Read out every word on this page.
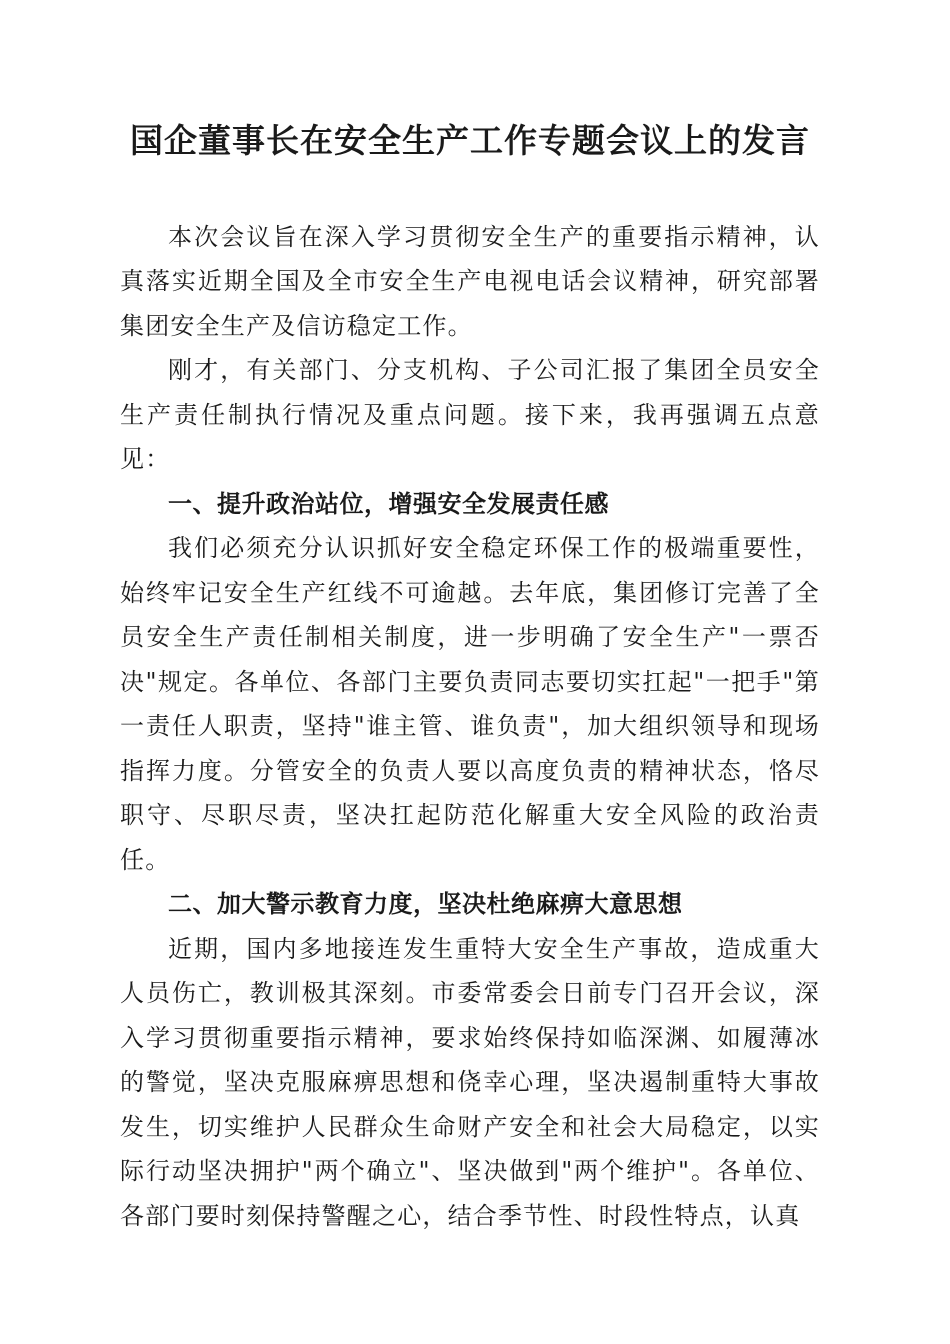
国企董事长在安全生产工作专题会议上的发言

本次会议旨在深入学习贯彻安全生产的重要指示精神，认真落实近期全国及全市安全生产电视电话会议精神，研究部署集团安全生产及信访稳定工作。

刚才，有关部门、分支机构、子公司汇报了集团全员安全生产责任制执行情况及重点问题。接下来，我再强调五点意见：

一、提升政治站位，增强安全发展责任感

我们必须充分认识抓好安全稳定环保工作的极端重要性，始终牢记安全生产红线不可逾越。去年底，集团修订完善了全员安全生产责任制相关制度，进一步明确了安全生产"一票否决"规定。各单位、各部门主要负责同志要切实扛起"一把手"第一责任人职责，坚持"谁主管、谁负责"，加大组织领导和现场指挥力度。分管安全的负责人要以高度负责的精神状态，恪尽职守、尽职尽责，坚决扛起防范化解重大安全风险的政治责任。

二、加大警示教育力度，坚决杜绝麻痹大意思想

近期，国内多地接连发生重特大安全生产事故，造成重大人员伤亡，教训极其深刻。市委常委会日前专门召开会议，深入学习贯彻重要指示精神，要求始终保持如临深渊、如履薄冰的警觉，坚决克服麻痹思想和侥幸心理，坚决遏制重特大事故发生，切实维护人民群众生命财产安全和社会大局稳定，以实际行动坚决拥护"两个确立"、坚决做到"两个维护"。各单位、各部门要时刻保持警醒之心，结合季节性、时段性特点，认真
